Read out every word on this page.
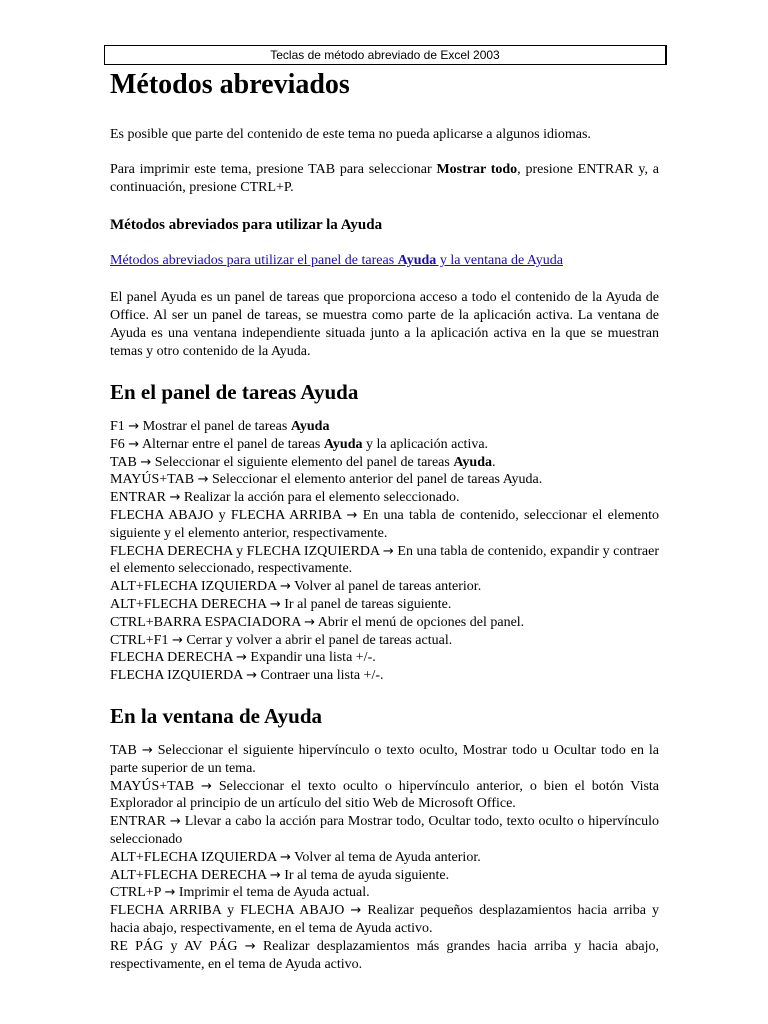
Teclas de método abreviado de Excel 2003
Métodos abreviados

Es posible que parte del contenido de este tema no pueda aplicarse a algunos idiomas.

Para imprimir este tema, presione TAB para seleccionar Mostrar todo, presione ENTRAR y, a continuación, presione CTRL+P.

Métodos abreviados para utilizar la Ayuda
Métodos abreviados para utilizar el panel de tareas Ayuda y la ventana de Ayuda

El panel Ayuda es un panel de tareas que proporciona acceso a todo el contenido de la Ayuda de Office. Al ser un panel de tareas, se muestra como parte de la aplicación activa. La ventana de Ayuda es una ventana independiente situada junto a la aplicación activa en la que se muestran temas y otro contenido de la Ayuda.

En el panel de tareas Ayuda
F1 → Mostrar el panel de tareas Ayuda
F6 → Alternar entre el panel de tareas Ayuda y la aplicación activa.
TAB → Seleccionar el siguiente elemento del panel de tareas Ayuda.
MAYÚS+TAB → Seleccionar el elemento anterior del panel de tareas Ayuda.
ENTRAR → Realizar la acción para el elemento seleccionado.
FLECHA ABAJO y FLECHA ARRIBA → En una tabla de contenido, seleccionar el elemento siguiente y el elemento anterior, respectivamente.
FLECHA DERECHA y FLECHA IZQUIERDA → En una tabla de contenido, expandir y contraer el elemento seleccionado, respectivamente.
ALT+FLECHA IZQUIERDA → Volver al panel de tareas anterior.
ALT+FLECHA DERECHA → Ir al panel de tareas siguiente.
CTRL+BARRA ESPACIADORA → Abrir el menú de opciones del panel.
CTRL+F1 → Cerrar y volver a abrir el panel de tareas actual.
FLECHA DERECHA → Expandir una lista +/-.
FLECHA IZQUIERDA → Contraer una lista +/-.
En la ventana de Ayuda
TAB → Seleccionar el siguiente hipervínculo o texto oculto, Mostrar todo u Ocultar todo en la parte superior de un tema.
MAYÚS+TAB → Seleccionar el texto oculto o hipervínculo anterior, o bien el botón Vista Explorador al principio de un artículo del sitio Web de Microsoft Office.
ENTRAR → Llevar a cabo la acción para Mostrar todo, Ocultar todo, texto oculto o hipervínculo seleccionado
ALT+FLECHA IZQUIERDA → Volver al tema de Ayuda anterior.
ALT+FLECHA DERECHA → Ir al tema de ayuda siguiente.
CTRL+P → Imprimir el tema de Ayuda actual.
FLECHA ARRIBA y FLECHA ABAJO → Realizar pequeños desplazamientos hacia arriba y hacia abajo, respectivamente, en el tema de Ayuda activo.
RE PÁG y AV PÁG → Realizar desplazamientos más grandes hacia arriba y hacia abajo, respectivamente, en el tema de Ayuda activo.
